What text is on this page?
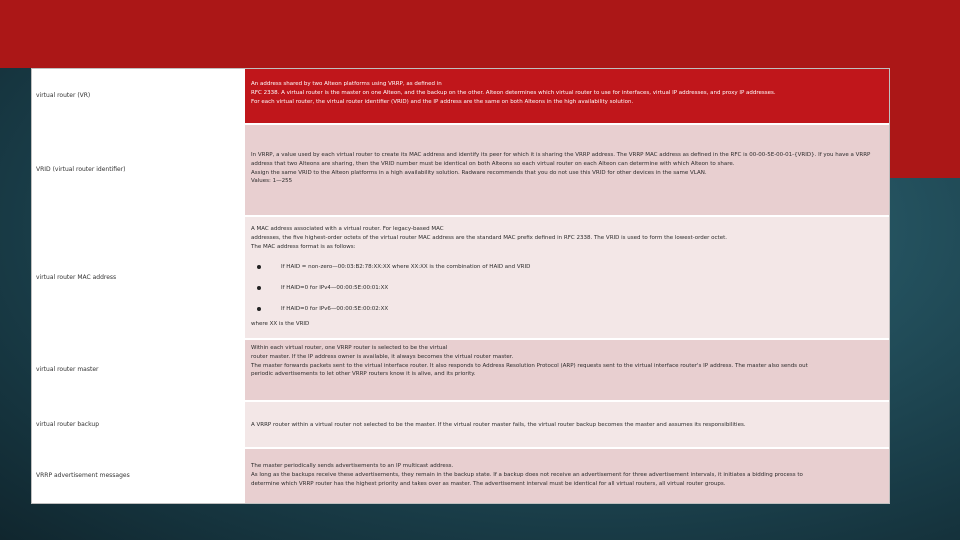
virtual router (VR)

An address shared by two Alteon platforms using VRRP, as defined in

RFC 2338. A virtual router is the master on one Alteon, and the backup on the other. Alteon determines which virtual router to use for interfaces, virtual IP addresses, and proxy IP addresses.

For each virtual router, the virtual router identifier (VRID) and the IP address are the same on both Alteons in the high availability solution.

VRID (virtual router identifier)

In VRRP, a value used by each virtual router to create its MAC address and identify its peer for which it is sharing the VRRP address. The VRRP MAC address as defined in the RFC is 00-00-5E-00-01-{VRID}. If you have a VRRP address that two Alteons are sharing, then the VRID number must be identical on both Alteons so each virtual router on each Alteon can determine with which Alteon to share.

Assign the same VRID to the Alteon platforms in a high availability solution. Radware recommends that you do not use this VRID for other devices in the same VLAN.

Values: 1—255

virtual router MAC address

A MAC address associated with a virtual router. For legacy-based MAC

addresses, the five highest-order octets of the virtual router MAC address are the standard MAC prefix defined in RFC 2338. The VRID is used to form the lowest-order octet.

The MAC address format is as follows:

If HAID = non-zero—00:03:B2:78:XX:XX where XX:XX is the combination of HAID and VRID
If HAID=0 for IPv4—00:00:5E:00:01:XX
If HAID=0 for IPv6—00:00:5E:00:02:XX

where XX is the VRID

virtual router master

Within each virtual router, one VRRP router is selected to be the virtual

router master. If the IP address owner is available, it always becomes the virtual router master.

The master forwards packets sent to the virtual interface router. It also responds to Address Resolution Protocol (ARP) requests sent to the virtual interface router's IP address. The master also sends out

periodic advertisements to let other VRRP routers know it is alive, and its priority.

virtual router backup	A VRRP router within a virtual router not selected to be the master. If the virtual router master fails, the virtual router backup becomes the master and assumes its responsibilities.

VRRP advertisement messages

The master periodically sends advertisements to an IP multicast address.

As long as the backups receive these advertisements, they remain in the backup state. If a backup does not receive an advertisement for three advertisement intervals, it initiates a bidding process to

determine which VRRP router has the highest priority and takes over as master. The advertisement interval must be identical for all virtual routers, all virtual router groups.
